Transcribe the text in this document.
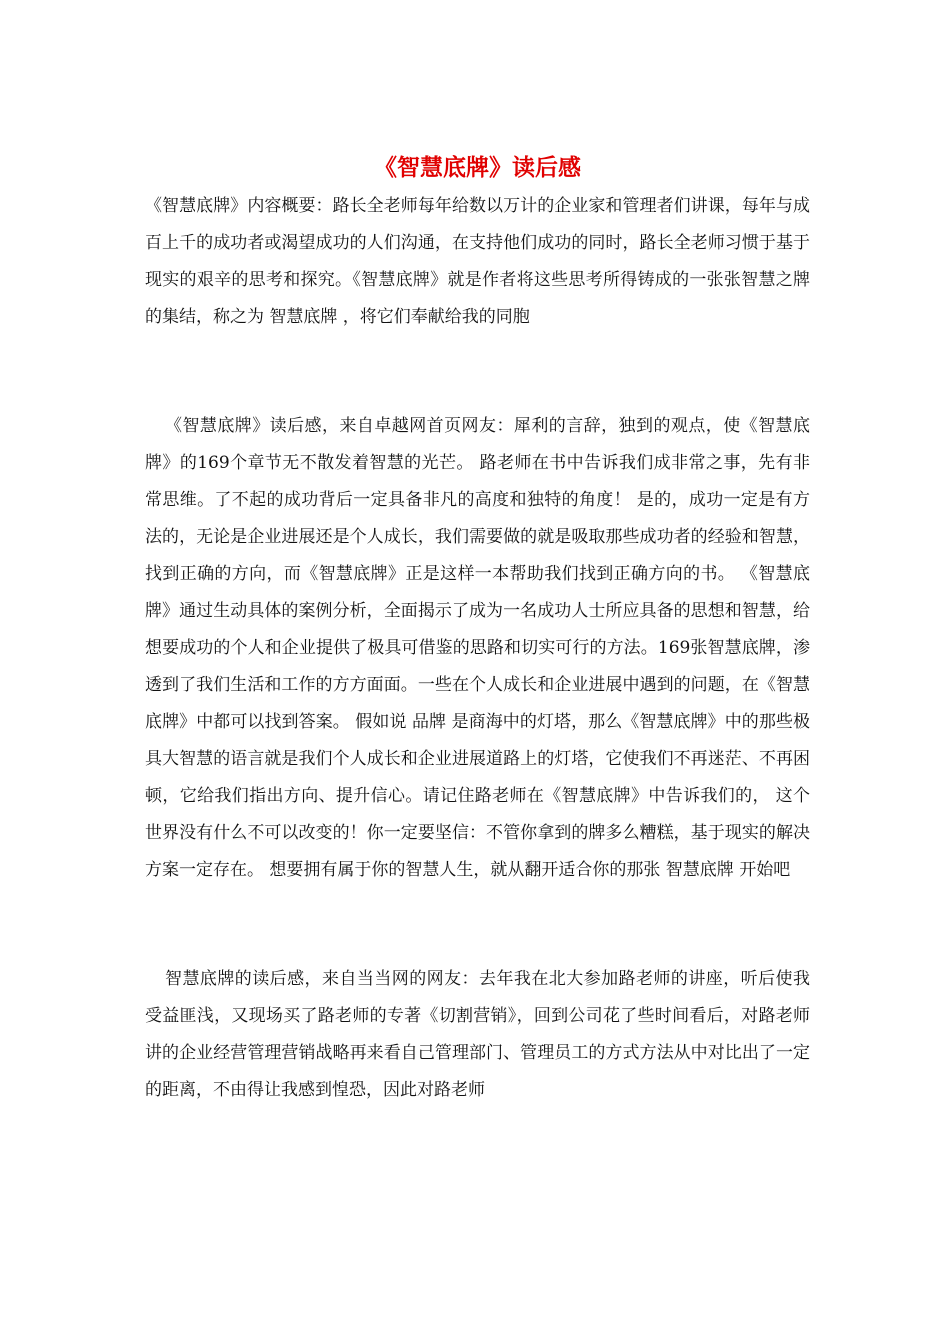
《智慧底牌》读后感

《智慧底牌》内容概要：路长全老师每年给数以万计的企业家和管理者们讲课，每年与成百上千的成功者或渴望成功的人们沟通，在支持他们成功的同时，路长全老师习惯于基于现实的艰辛的思考和探究。《智慧底牌》就是作者将这些思考所得铸成的一张张智慧之牌的集结，称之为 智慧底牌 ，将它们奉献给我的同胞

《智慧底牌》读后感，来自卓越网首页网友：犀利的言辞，独到的观点，使《智慧底牌》的169个章节无不散发着智慧的光芒。 路老师在书中告诉我们成非常之事，先有非常思维。了不起的成功背后一定具备非凡的高度和独特的角度！ 是的，成功一定是有方法的，无论是企业进展还是个人成长，我们需要做的就是吸取那些成功者的经验和智慧，找到正确的方向，而《智慧底牌》正是这样一本帮助我们找到正确方向的书。 《智慧底牌》通过生动具体的案例分析，全面揭示了成为一名成功人士所应具备的思想和智慧，给想要成功的个人和企业提供了极具可借鉴的思路和切实可行的方法。169张智慧底牌，渗透到了我们生活和工作的方方面面。一些在个人成长和企业进展中遇到的问题，在《智慧底牌》中都可以找到答案。 假如说 品牌 是商海中的灯塔，那么《智慧底牌》中的那些极具大智慧的语言就是我们个人成长和企业进展道路上的灯塔，它使我们不再迷茫、不再困顿，它给我们指出方向、提升信心。请记住路老师在《智慧底牌》中告诉我们的， 这个世界没有什么不可以改变的！你一定要坚信：不管你拿到的牌多么糟糕，基于现实的解决方案一定存在。 想要拥有属于你的智慧人生，就从翻开适合你的那张 智慧底牌 开始吧

智慧底牌的读后感，来自当当网的网友：去年我在北大参加路老师的讲座，听后使我受益匪浅，又现场买了路老师的专著《切割营销》，回到公司花了些时间看后，对路老师讲的企业经营管理营销战略再来看自己管理部门、管理员工的方式方法从中对比出了一定的距离，不由得让我感到惶恐，因此对路老师
